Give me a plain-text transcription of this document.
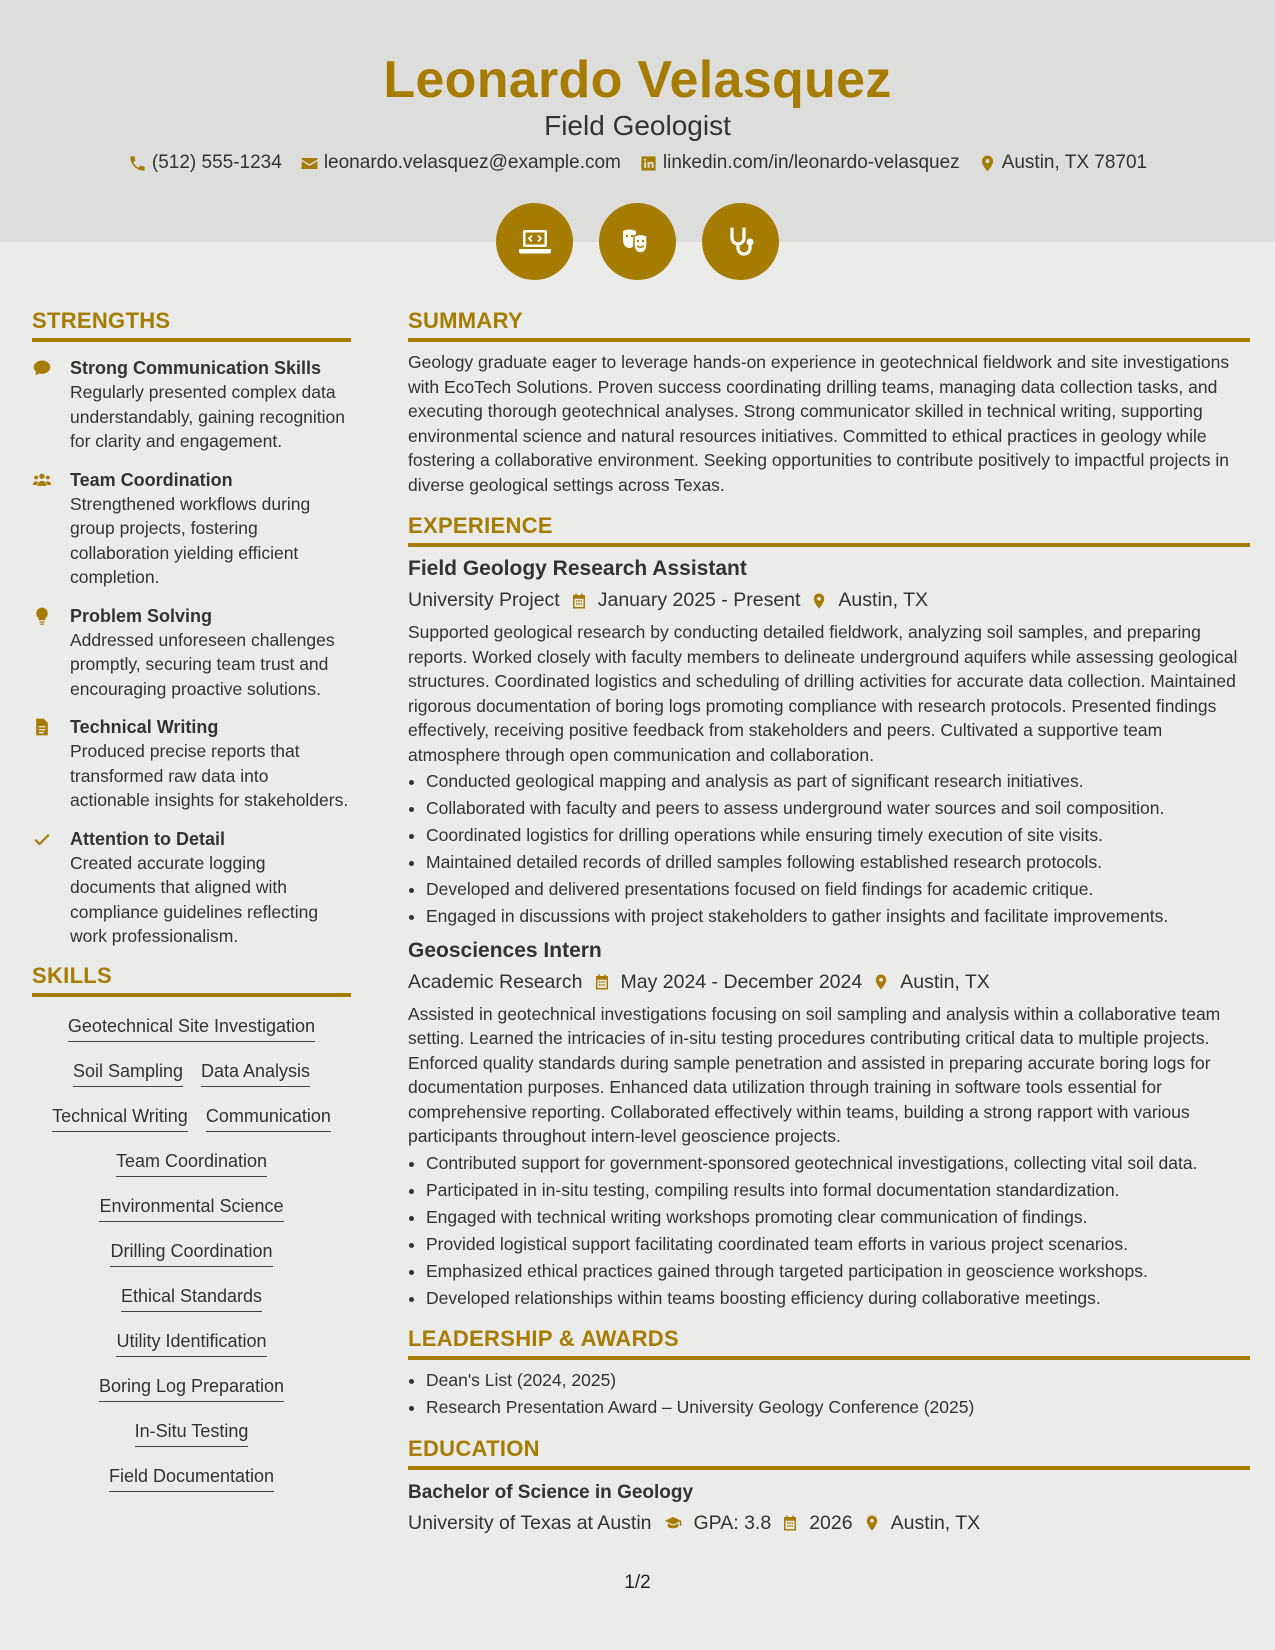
Leonardo Velasquez
Field Geologist
(512) 555-1234 leonardo.velasquez@example.com linkedin.com/in/leonardo-velasquez Austin, TX 78701
STRENGTHS
Strong Communication Skills
Regularly presented complex data understandably, gaining recognition for clarity and engagement.
Team Coordination
Strengthened workflows during group projects, fostering collaboration yielding efficient completion.
Problem Solving
Addressed unforeseen challenges promptly, securing team trust and encouraging proactive solutions.
Technical Writing
Produced precise reports that transformed raw data into actionable insights for stakeholders.
Attention to Detail
Created accurate logging documents that aligned with compliance guidelines reflecting work professionalism.
SKILLS
Geotechnical Site Investigation
Soil Sampling Data Analysis
Technical Writing Communication
Team Coordination
Environmental Science
Drilling Coordination
Ethical Standards
Utility Identification
Boring Log Preparation
In-Situ Testing
Field Documentation
SUMMARY
Geology graduate eager to leverage hands-on experience in geotechnical fieldwork and site investigations with EcoTech Solutions. Proven success coordinating drilling teams, managing data collection tasks, and executing thorough geotechnical analyses. Strong communicator skilled in technical writing, supporting environmental science and natural resources initiatives. Committed to ethical practices in geology while fostering a collaborative environment. Seeking opportunities to contribute positively to impactful projects in diverse geological settings across Texas.
EXPERIENCE
Field Geology Research Assistant
University Project January 2025 - Present Austin, TX
Supported geological research by conducting detailed fieldwork, analyzing soil samples, and preparing reports. Worked closely with faculty members to delineate underground aquifers while assessing geological structures. Coordinated logistics and scheduling of drilling activities for accurate data collection. Maintained rigorous documentation of boring logs promoting compliance with research protocols. Presented findings effectively, receiving positive feedback from stakeholders and peers. Cultivated a supportive team atmosphere through open communication and collaboration.
• Conducted geological mapping and analysis as part of significant research initiatives.
• Collaborated with faculty and peers to assess underground water sources and soil composition.
• Coordinated logistics for drilling operations while ensuring timely execution of site visits.
• Maintained detailed records of drilled samples following established research protocols.
• Developed and delivered presentations focused on field findings for academic critique.
• Engaged in discussions with project stakeholders to gather insights and facilitate improvements.
Geosciences Intern
Academic Research May 2024 - December 2024 Austin, TX
Assisted in geotechnical investigations focusing on soil sampling and analysis within a collaborative team setting. Learned the intricacies of in-situ testing procedures contributing critical data to multiple projects. Enforced quality standards during sample penetration and assisted in preparing accurate boring logs for documentation purposes. Enhanced data utilization through training in software tools essential for comprehensive reporting. Collaborated effectively within teams, building a strong rapport with various participants throughout intern-level geoscience projects.
• Contributed support for government-sponsored geotechnical investigations, collecting vital soil data.
• Participated in in-situ testing, compiling results into formal documentation standardization.
• Engaged with technical writing workshops promoting clear communication of findings.
• Provided logistical support facilitating coordinated team efforts in various project scenarios.
• Emphasized ethical practices gained through targeted participation in geoscience workshops.
• Developed relationships within teams boosting efficiency during collaborative meetings.
LEADERSHIP & AWARDS
• Dean's List (2024, 2025)
• Research Presentation Award – University Geology Conference (2025)
EDUCATION
Bachelor of Science in Geology
University of Texas at Austin GPA: 3.8 2026 Austin, TX
1/2
